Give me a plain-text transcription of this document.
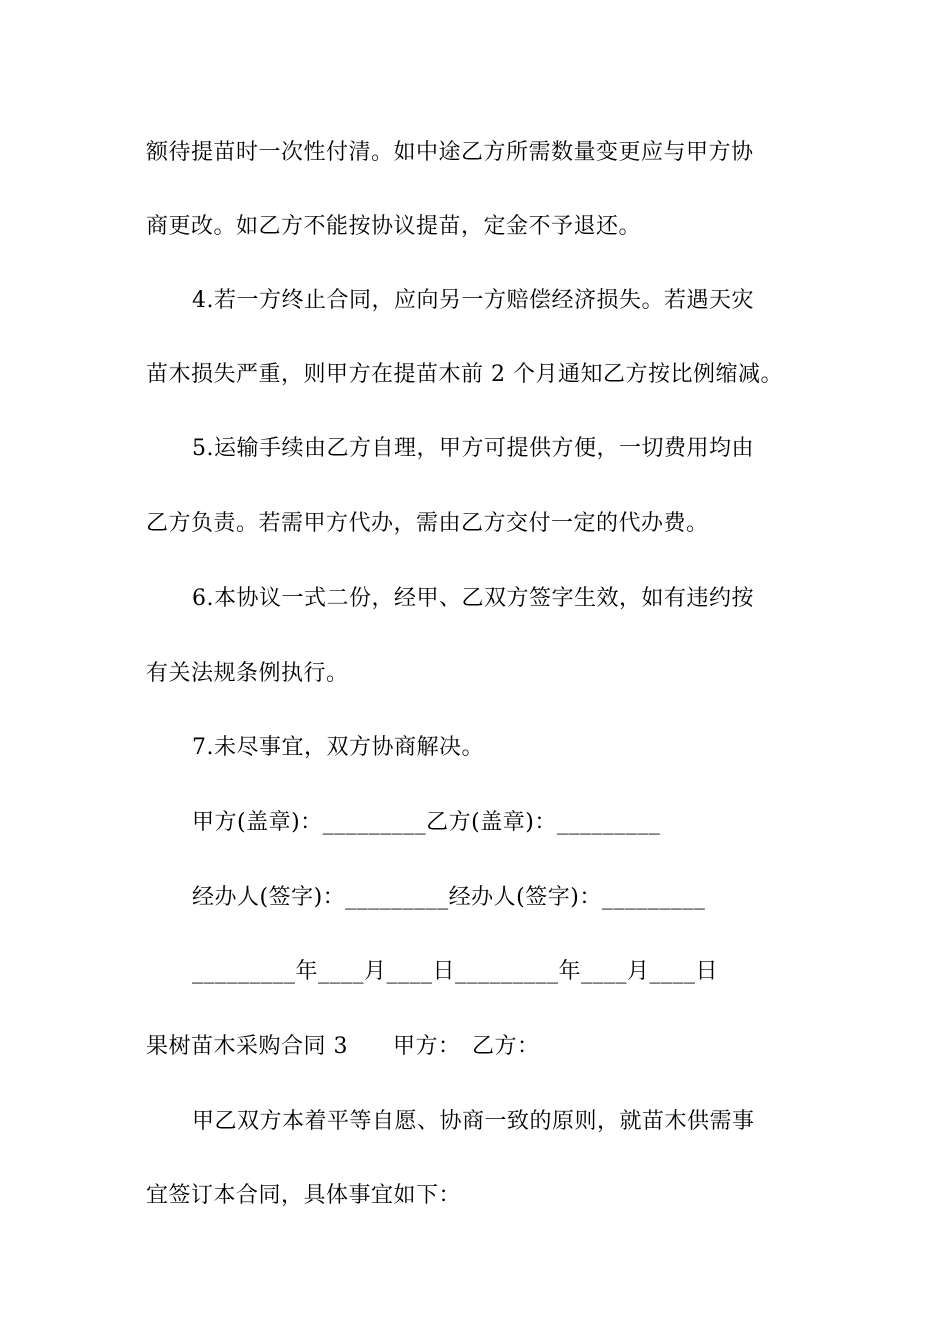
额待提苗时一次性付清。如中途乙方所需数量变更应与甲方协
商更改。如乙方不能按协议提苗，定金不予退还。
4.若一方终止合同，应向另一方赔偿经济损失。若遇天灾
苗木损失严重，则甲方在提苗木前 2 个月通知乙方按比例缩减。
5.运输手续由乙方自理，甲方可提供方便，一切费用均由
乙方负责。若需甲方代办，需由乙方交付一定的代办费。
6.本协议一式二份，经甲、乙双方签字生效，如有违约按
有关法规条例执行。
7.未尽事宜，双方协商解决。
甲方(盖章)：_________乙方(盖章)：_________
经办人(签字)：_________经办人(签字)：_________
_________年____月____日_________年____月____日
果树苗木采购合同 3　　甲方：　乙方：
甲乙双方本着平等自愿、协商一致的原则，就苗木供需事
宜签订本合同，具体事宜如下：
